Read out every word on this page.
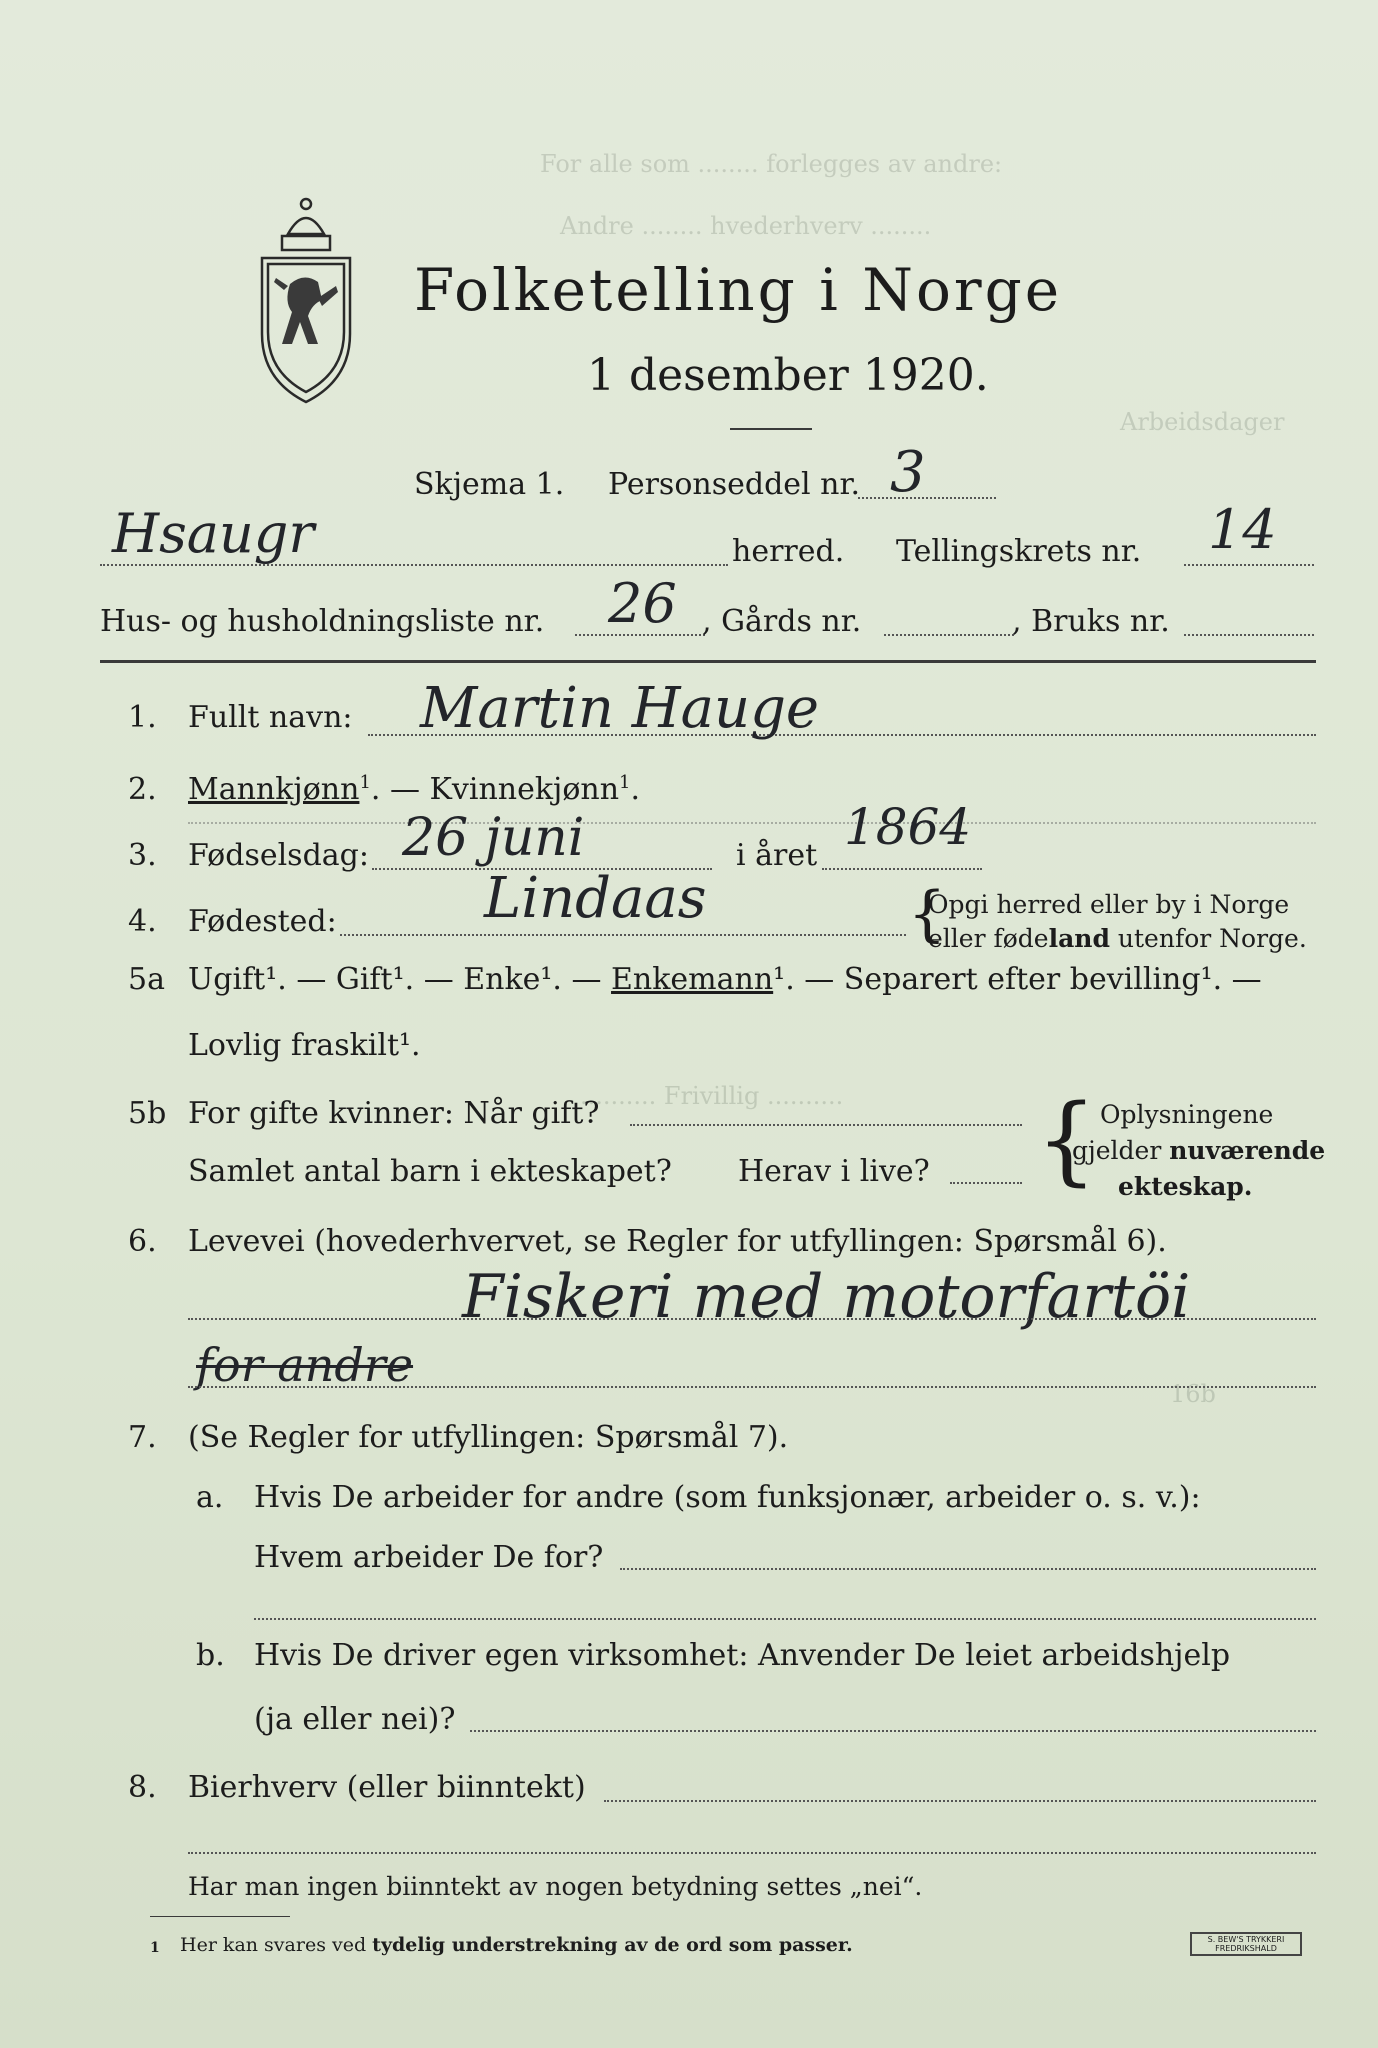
For alle som ........ forlegges av andre:
Andre ........ hvederhverv ........
Arbeidsdager
.......... Frivillig ..........
16b
Folketelling i Norge
1 desember 1920.
Skjema 1. Personseddel nr. 3
Hsaugr	herred. Tellingskrets nr. 14
Hus- og husholdningsliste nr. 26 , Gårds nr.	, Bruks nr.
1. Fullt navn: Martin Hauge
2. Mannkjønn$^1$. — Kvinnekjønn$^1$.
3. Fødselsdag: 26 juni	i året 1864
4. Fødested:	Lindaas	{
Opgi herred eller by i Norge
eller fødeland utenfor Norge.
5a Ugift¹. — Gift¹. — Enke¹. — Enkemann¹. — Separert efter bevilling¹. —
Lovlig fraskilt¹.
5b For gifte kvinner: Når gift?
Samlet antal barn i ekteskapet? Herav i live? { Oplysningene
gjelder nuværende
ekteskap.
6. Levevei (hovederhvervet, se Regler for utfyllingen: Spørsmål 6).
Fiskeri med motorfartöi
for andre
7. (Se Regler for utfyllingen: Spørsmål 7).
a. Hvis De arbeider for andre (som funksjonær, arbeider o. s. v.):
Hvem arbeider De for?
b. Hvis De driver egen virksomhet: Anvender De leiet arbeidshjelp
(ja eller nei)?
8. Bierhverv (eller biinntekt)
Har man ingen biinntekt av nogen betydning settes „nei“.
1 Her kan svares ved tydelig understrekning av de ord som passer.	S. BEW'S TRYKKERI
FREDRIKSHALD
